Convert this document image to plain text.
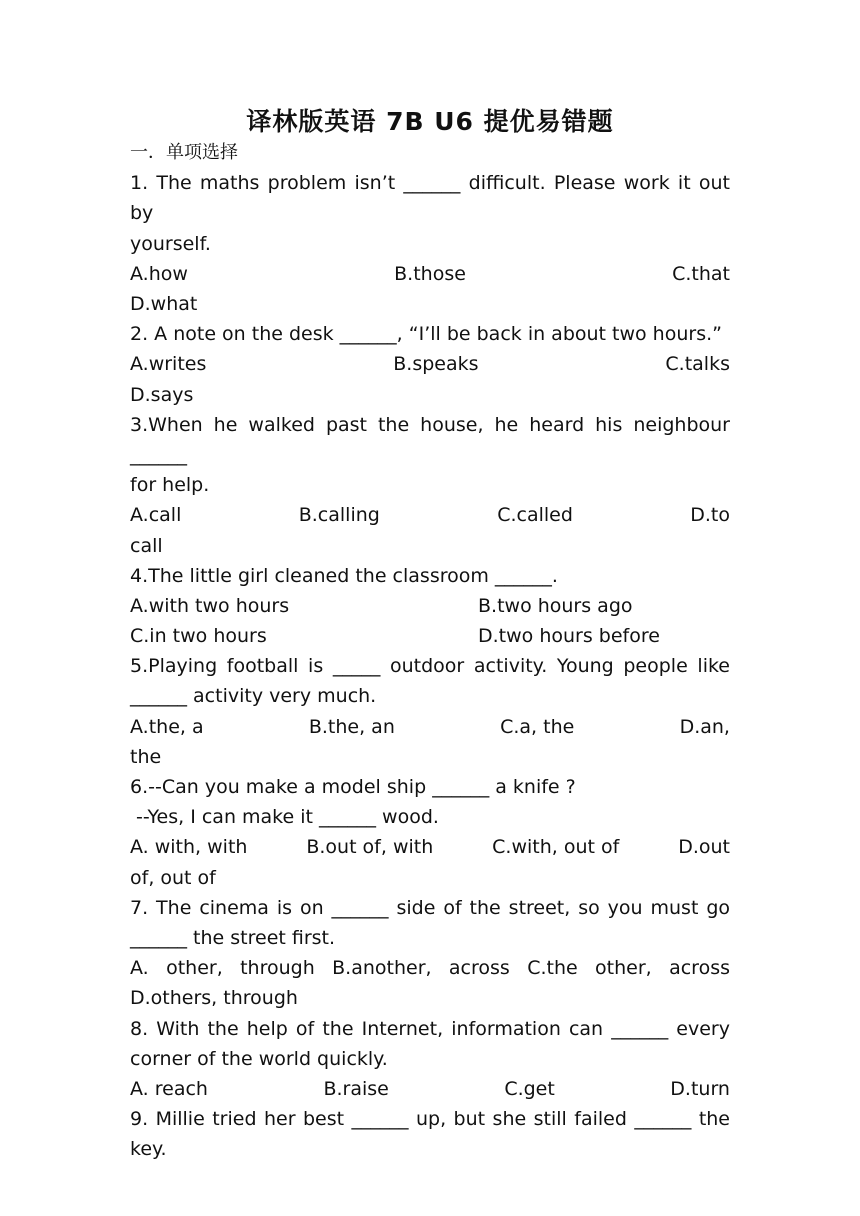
译林版英语 7B U6 提优易错题
一．单项选择
1. The maths problem isn’t ______ difficult. Please work it out by
yourself.
A.how	B.those	C.that
D.what
2. A note on the desk ______, “I’ll be back in about two hours.”
A.writes	B.speaks	C.talks
D.says
3.When he walked past the house, he heard his neighbour ______
for help.
A.call	B.calling	C.called	D.to
call
4.The little girl cleaned the classroom ______.
A.with two hours	B.two hours ago
C.in two hours	D.two hours before
5.Playing football is _____ outdoor activity. Young people like
______ activity very much.
A.the, a	B.the, an	C.a, the	D.an,
the
6.--Can you make a model ship ______ a knife ?
--Yes, I can make it ______ wood.
A. with, with	B.out of, with	C.with, out of	D.out
of, out of
7. The cinema is on ______ side of the street, so you must go
______ the street first.
A. other, through B.another, across C.the other, across
D.others, through
8. With the help of the Internet, information can ______ every
corner of the world quickly.
A. reach	B.raise	C.get	D.turn
9. Millie tried her best ______ up, but she still failed ______ the
key.
